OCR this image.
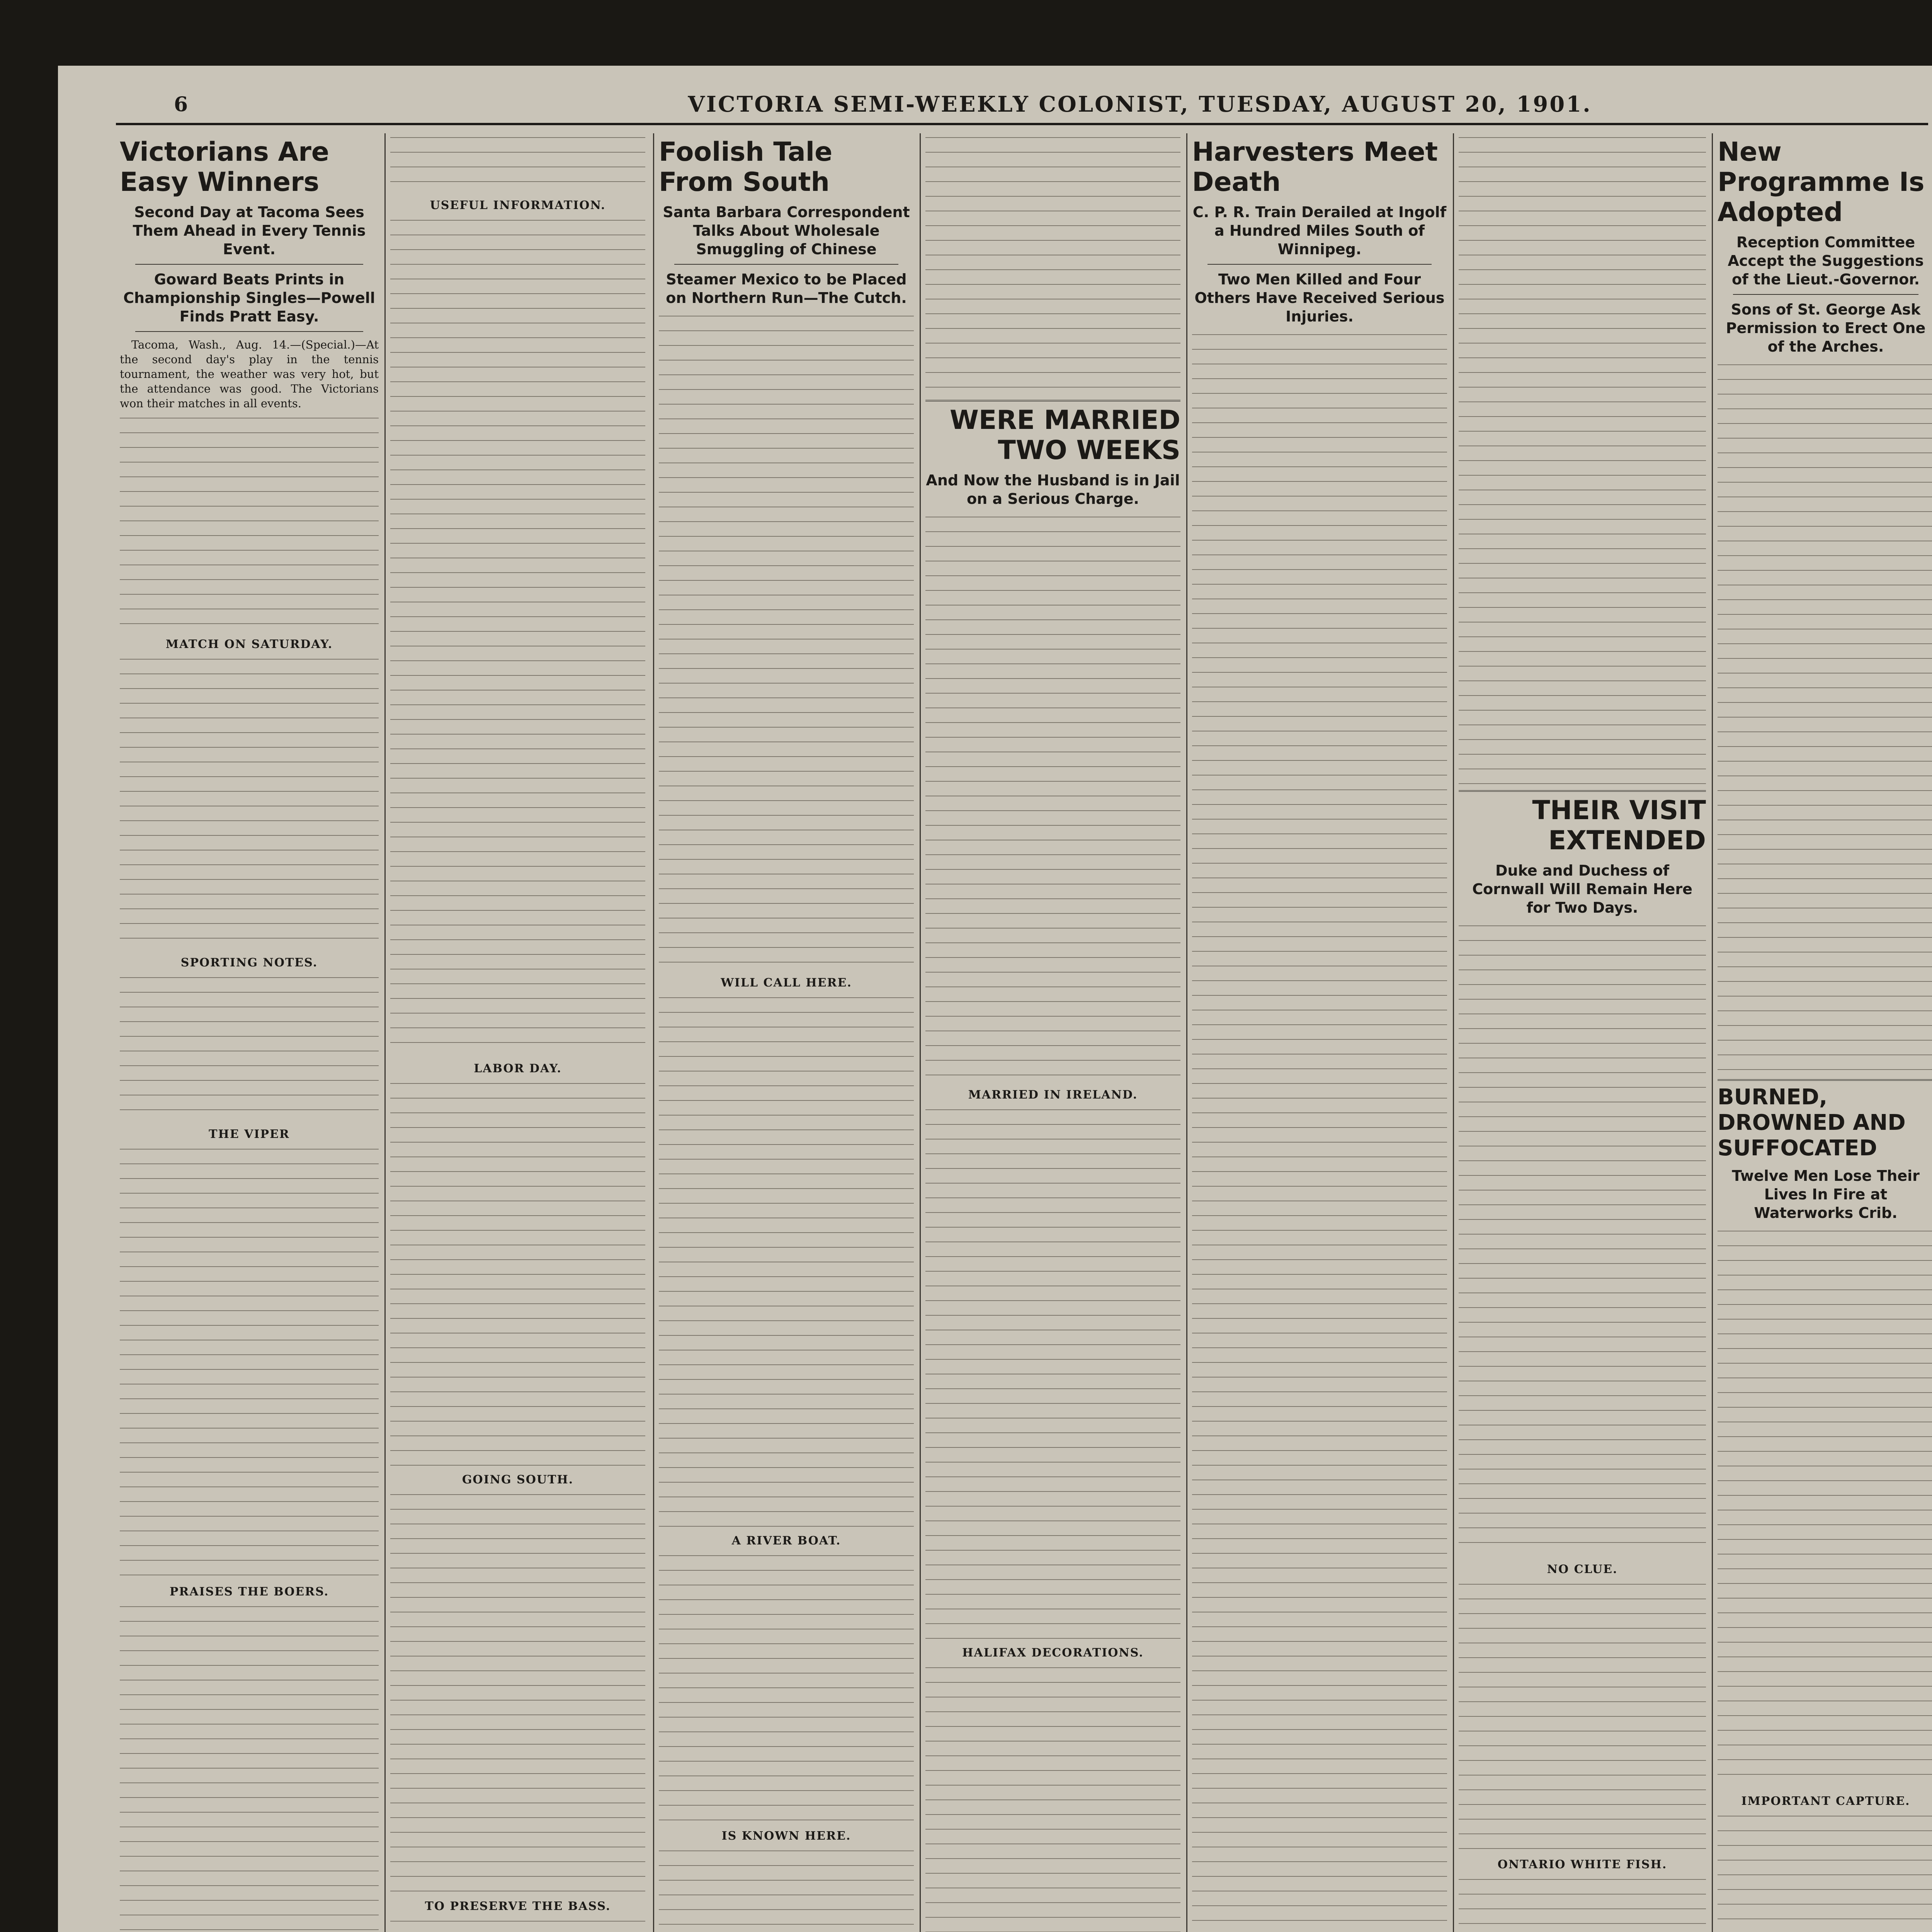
6	VICTORIA SEMI-WEEKLY COLONIST, TUESDAY, AUGUST 20, 1901.
Victorians Are Easy Winners
Second Day at Tacoma Sees Them Ahead in Every Tennis Event.
Goward Beats Prints in Championship Singles—Powell Finds Pratt Easy.

Tacoma, Wash., Aug. 14.—(Special.)—At the second day's play in the tennis tournament, the weather was very hot, but the attendance was good. The Victorians won their matches in all events.

MATCH ON SATURDAY.
SPORTING NOTES.
THE VIPER
PRAISES THE BOERS.
USEFUL INFORMATION.
LABOR DAY.
GOING SOUTH.
TO PRESERVE THE BASS.
Foolish Tale From South
Santa Barbara Correspondent Talks About Wholesale Smuggling of Chinese
Steamer Mexico to be Placed on Northern Run—The Cutch.
WILL CALL HERE.
A RIVER BOAT.
IS KNOWN HERE.
WERE MARRIED TWO WEEKS
And Now the Husband is in Jail on a Serious Charge.
MARRIED IN IRELAND.
HALIFAX DECORATIONS.
Harvesters Meet Death
C. P. R. Train Derailed at Ingolf a Hundred Miles South of Winnipeg.
Two Men Killed and Four Others Have Received Serious Injuries.
THEIR VISIT EXTENDED
Duke and Duchess of Cornwall Will Remain Here for Two Days.
NO CLUE.
ONTARIO WHITE FISH.
New Programme Is Adopted
Reception Committee Accept the Suggestions of the Lieut.-Governor.
Sons of St. George Ask Permission to Erect One of the Arches.
BURNED, DROWNED AND SUFFOCATED
Twelve Men Lose Their Lives In Fire at Waterworks Crib.
IMPORTANT CAPTURE.
